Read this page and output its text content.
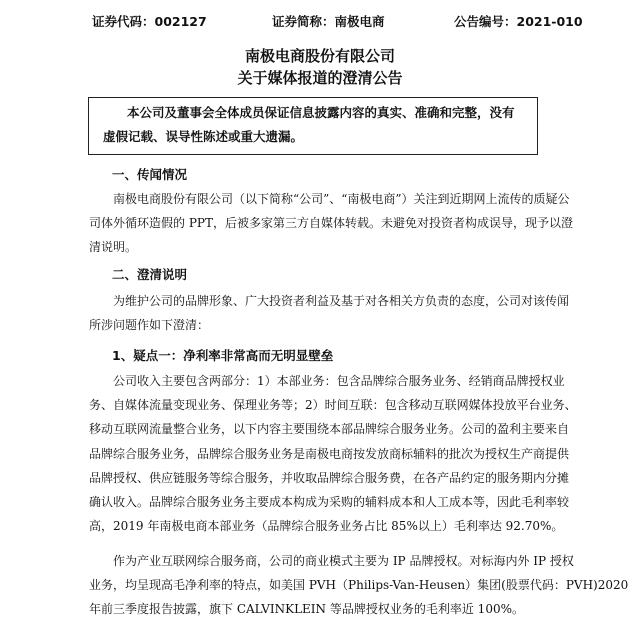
证券代码：002127	证券简称：南极电商	公告编号：2021-010
南极电商股份有限公司
关于媒体报道的澄清公告
本公司及董事会全体成员保证信息披露内容的真实、准确和完整，没有
虚假记载、误导性陈述或重大遗漏。
一、传闻情况
南极电商股份有限公司（以下简称“公司”、“南极电商”）关注到近期网上流传的质疑公
司体外循环造假的 PPT，后被多家第三方自媒体转载。未避免对投资者构成误导，现予以澄
清说明。
二、澄清说明
为维护公司的品牌形象、广大投资者利益及基于对各相关方负责的态度，公司对该传闻
所涉问题作如下澄清：
1、疑点一：净利率非常高而无明显壁垒
公司收入主要包含两部分：1）本部业务：包含品牌综合服务业务、经销商品牌授权业
务、自媒体流量变现业务、保理业务等；2）时间互联：包含移动互联网媒体投放平台业务、
移动互联网流量整合业务，以下内容主要围绕本部品牌综合服务业务。公司的盈利主要来自
品牌综合服务业务，品牌综合服务业务是南极电商按发放商标辅料的批次为授权生产商提供
品牌授权、供应链服务等综合服务，并收取品牌综合服务费，在各产品约定的服务期内分摊
确认收入。品牌综合服务业务主要成本构成为采购的辅料成本和人工成本等，因此毛利率较
高，2019 年南极电商本部业务（品牌综合服务业务占比 85%以上）毛利率达 92.70%。
作为产业互联网综合服务商，公司的商业模式主要为 IP 品牌授权。对标海内外 IP 授权
业务，均呈现高毛净利率的特点，如美国 PVH（Philips-Van-Heusen）集团(股票代码：PVH)2020
年前三季度报告披露，旗下 CALVINKLEIN 等品牌授权业务的毛利率近 100%。
